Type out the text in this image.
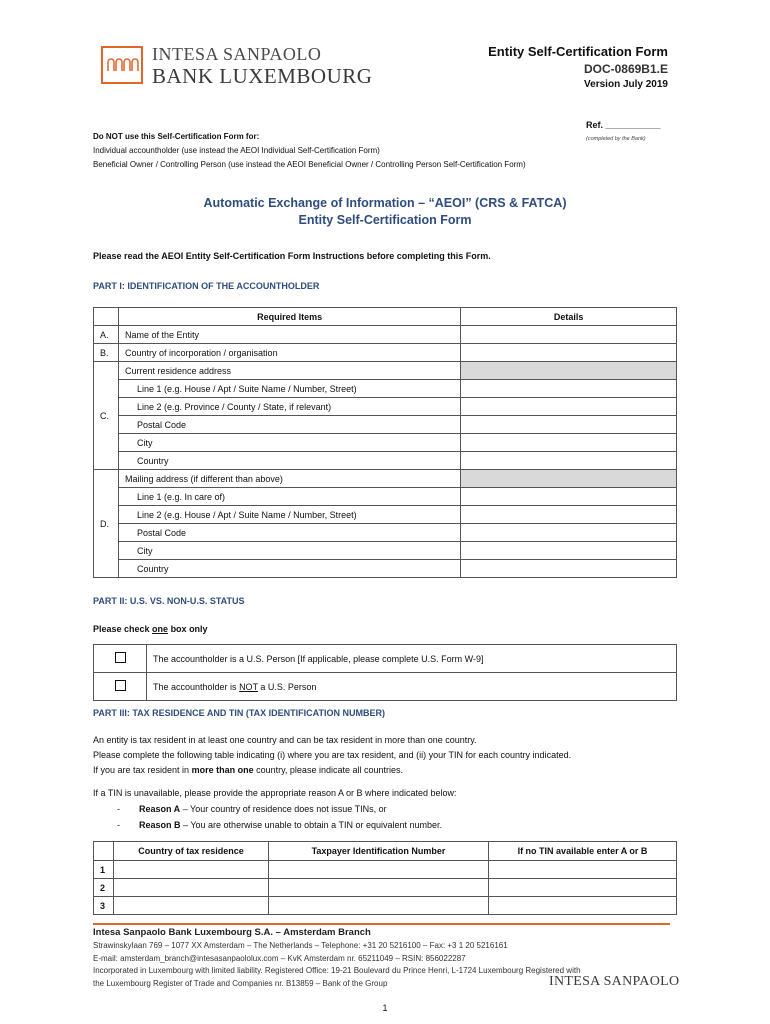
INTESA SANPAOLO
BANK LUXEMBOURG
Entity Self-Certification Form
DOC-0869B1.E
Version July 2019
Ref. ___________
(completed by the Bank)
Do NOT use this Self-Certification Form for:
Individual accountholder (use instead the AEOI Individual Self-Certification Form)
Beneficial Owner / Controlling Person (use instead the AEOI Beneficial Owner / Controlling Person Self-Certification Form)
Automatic Exchange of Information – “AEOI” (CRS & FATCA)
Entity Self-Certification Form
Please read the AEOI Entity Self-Certification Form Instructions before completing this Form.
PART I: IDENTIFICATION OF THE ACCOUNTHOLDER
	Required Items	Details
A.	Name of the Entity	
B.	Country of incorporation / organisation	
C.	Current residence address	
	Line 1 (e.g. House / Apt / Suite Name / Number, Street)	
	Line 2 (e.g. Province / County / State, if relevant)	
	Postal Code	
	City	
	Country	
D.	Mailing address (if different than above)	
	Line 1 (e.g. In care of)	
	Line 2 (e.g. House / Apt / Suite Name / Number, Street)	
	Postal Code	
	City	
	Country	
PART II: U.S. VS. NON-U.S. STATUS
Please check one box only
	The accountholder is a U.S. Person [If applicable, please complete U.S. Form W-9]
	The accountholder is NOT a U.S. Person
PART III: TAX RESIDENCE AND TIN (TAX IDENTIFICATION NUMBER)
An entity is tax resident in at least one country and can be tax resident in more than one country.
Please complete the following table indicating (i) where you are tax resident, and (ii) your TIN for each country indicated.
If you are tax resident in more than one country, please indicate all countries.
If a TIN is unavailable, please provide the appropriate reason A or B where indicated below:
- Reason A – Your country of residence does not issue TINs, or
- Reason B – You are otherwise unable to obtain a TIN or equivalent number.
	Country of tax residence	Taxpayer Identification Number	If no TIN available enter A or B
1			
2			
3			
Intesa Sanpaolo Bank Luxembourg S.A. – Amsterdam Branch
Strawinskylaan 769 – 1077 XX Amsterdam – The Netherlands – Telephone: +31 20 5216100 – Fax: +3 1 20 5216161
E-mail: amsterdam_branch@intesasanpaololux.com – KvK Amsterdam nr. 65211049 – RSIN: 856022287
Incorporated in Luxembourg with limited liability. Registered Office: 19-21 Boulevard du Prince Henri, L-1724 Luxembourg Registered with
the Luxembourg Register of Trade and Companies nr. B13859 – Bank of the Group	INTESA SANPAOLO
1
